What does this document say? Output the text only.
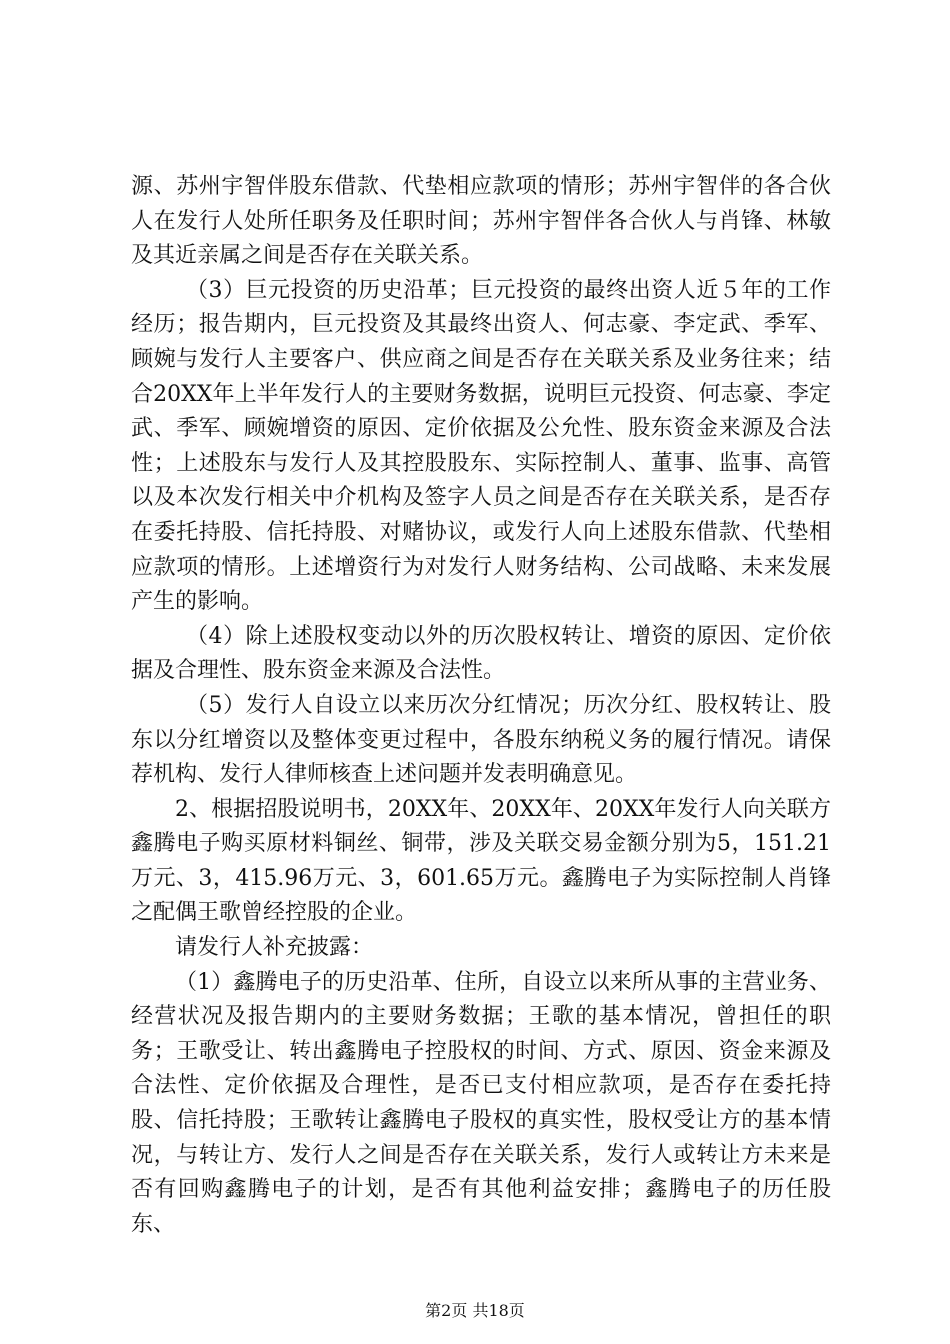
源、苏州宇智伴股东借款、代垫相应款项的情形；苏州宇智伴的各合伙人在发行人处所任职务及任职时间；苏州宇智伴各合伙人与肖锋、林敏及其近亲属之间是否存在关联关系。

（3）巨元投资的历史沿革；巨元投资的最终出资人近５年的工作经历；报告期内，巨元投资及其最终出资人、何志豪、李定武、季军、顾婉与发行人主要客户、供应商之间是否存在关联关系及业务往来；结合20XX年上半年发行人的主要财务数据，说明巨元投资、何志豪、李定武、季军、顾婉增资的原因、定价依据及公允性、股东资金来源及合法性；上述股东与发行人及其控股股东、实际控制人、董事、监事、高管以及本次发行相关中介机构及签字人员之间是否存在关联关系，是否存在委托持股、信托持股、对赌协议，或发行人向上述股东借款、代垫相应款项的情形。上述增资行为对发行人财务结构、公司战略、未来发展产生的影响。

（4）除上述股权变动以外的历次股权转让、增资的原因、定价依据及合理性、股东资金来源及合法性。

（5）发行人自设立以来历次分红情况；历次分红、股权转让、股东以分红增资以及整体变更过程中，各股东纳税义务的履行情况。请保荐机构、发行人律师核查上述问题并发表明确意见。

2、根据招股说明书，20XX年、20XX年、20XX年发行人向关联方鑫腾电子购买原材料铜丝、铜带，涉及关联交易金额分别为5，151.21万元、3，415.96万元、3，601.65万元。鑫腾电子为实际控制人肖锋之配偶王歌曾经控股的企业。

请发行人补充披露：

（1）鑫腾电子的历史沿革、住所，自设立以来所从事的主营业务、经营状况及报告期内的主要财务数据；王歌的基本情况，曾担任的职务；王歌受让、转出鑫腾电子控股权的时间、方式、原因、资金来源及合法性、定价依据及合理性，是否已支付相应款项，是否存在委托持股、信托持股；王歌转让鑫腾电子股权的真实性，股权受让方的基本情况，与转让方、发行人之间是否存在关联关系，发行人或转让方未来是否有回购鑫腾电子的计划，是否有其他利益安排；鑫腾电子的历任股东、

第2页 共18页
